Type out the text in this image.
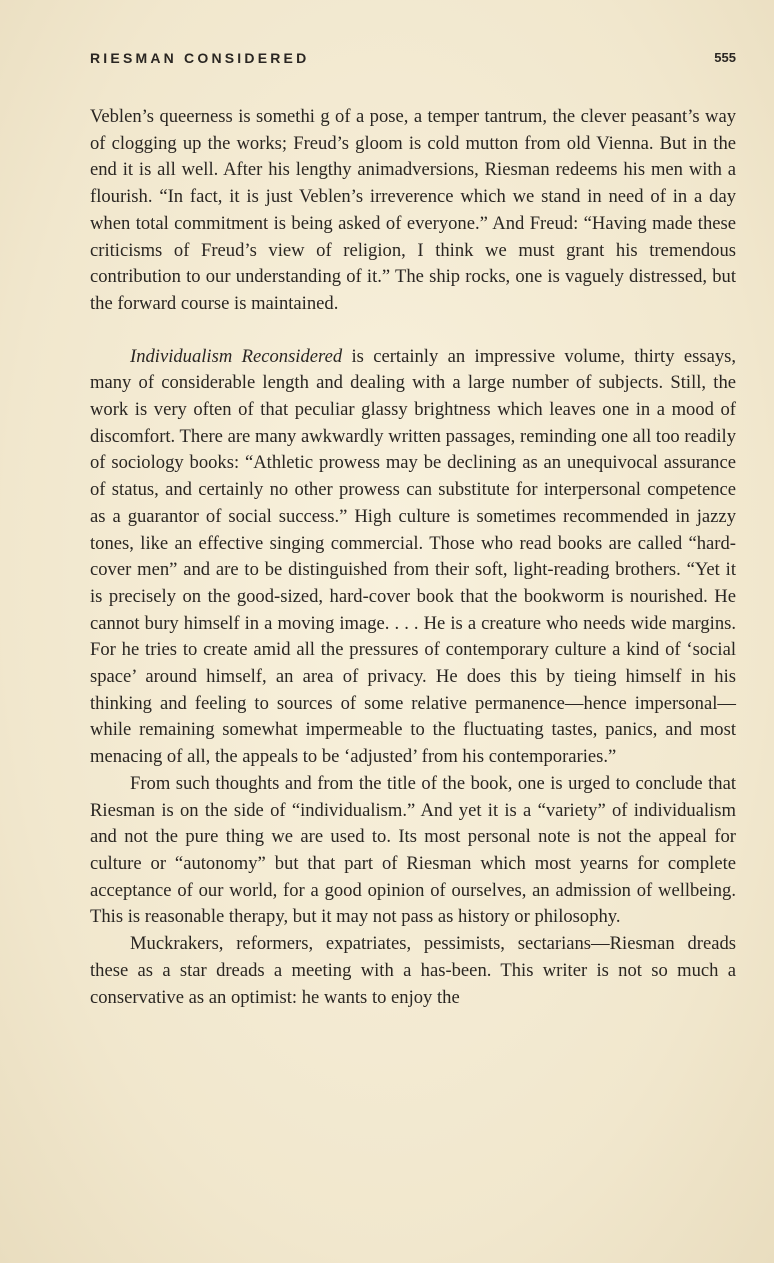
RIESMAN CONSIDERED	555

Veblen’s queerness is somethi g of a pose, a temper tantrum, the clever peasant’s way of clogging up the works; Freud’s gloom is cold mutton from old Vienna. But in the end it is all well. After his lengthy animadversions, Riesman redeems his men with a flourish. “In fact, it is just Veblen’s irreverence which we stand in need of in a day when total commitment is being asked of everyone.” And Freud: “Having made these criticisms of Freud’s view of religion, I think we must grant his tremendous contribution to our understanding of it.” The ship rocks, one is vaguely distressed, but the forward course is maintained.

Individualism Reconsidered is certainly an impressive volume, thirty essays, many of considerable length and dealing with a large number of subjects. Still, the work is very often of that peculiar glassy brightness which leaves one in a mood of discomfort. There are many awkwardly written passages, reminding one all too readily of sociology books: “Athletic prowess may be declining as an unequivocal assurance of status, and certainly no other prowess can substitute for interpersonal competence as a guarantor of social success.” High culture is sometimes recommended in jazzy tones, like an effective singing commercial. Those who read books are called “hard-cover men” and are to be distinguished from their soft, light-reading brothers. “Yet it is precisely on the good-sized, hard-cover book that the bookworm is nourished. He cannot bury himself in a moving image. . . . He is a creature who needs wide margins. For he tries to create amid all the pressures of contemporary culture a kind of ‘social space’ around himself, an area of privacy. He does this by tieing himself in his thinking and feeling to sources of some relative permanence—hence impersonal—while remaining somewhat impermeable to the fluctuating tastes, panics, and most menacing of all, the appeals to be ‘adjusted’ from his contemporaries.”

From such thoughts and from the title of the book, one is urged to conclude that Riesman is on the side of “individualism.” And yet it is a “variety” of individualism and not the pure thing we are used to. Its most personal note is not the appeal for culture or “autonomy” but that part of Riesman which most yearns for complete acceptance of our world, for a good opinion of ourselves, an admission of wellbeing. This is reasonable therapy, but it may not pass as history or philosophy.

Muckrakers, reformers, expatriates, pessimists, sectarians—Riesman dreads these as a star dreads a meeting with a has-been. This writer is not so much a conservative as an optimist: he wants to enjoy the
